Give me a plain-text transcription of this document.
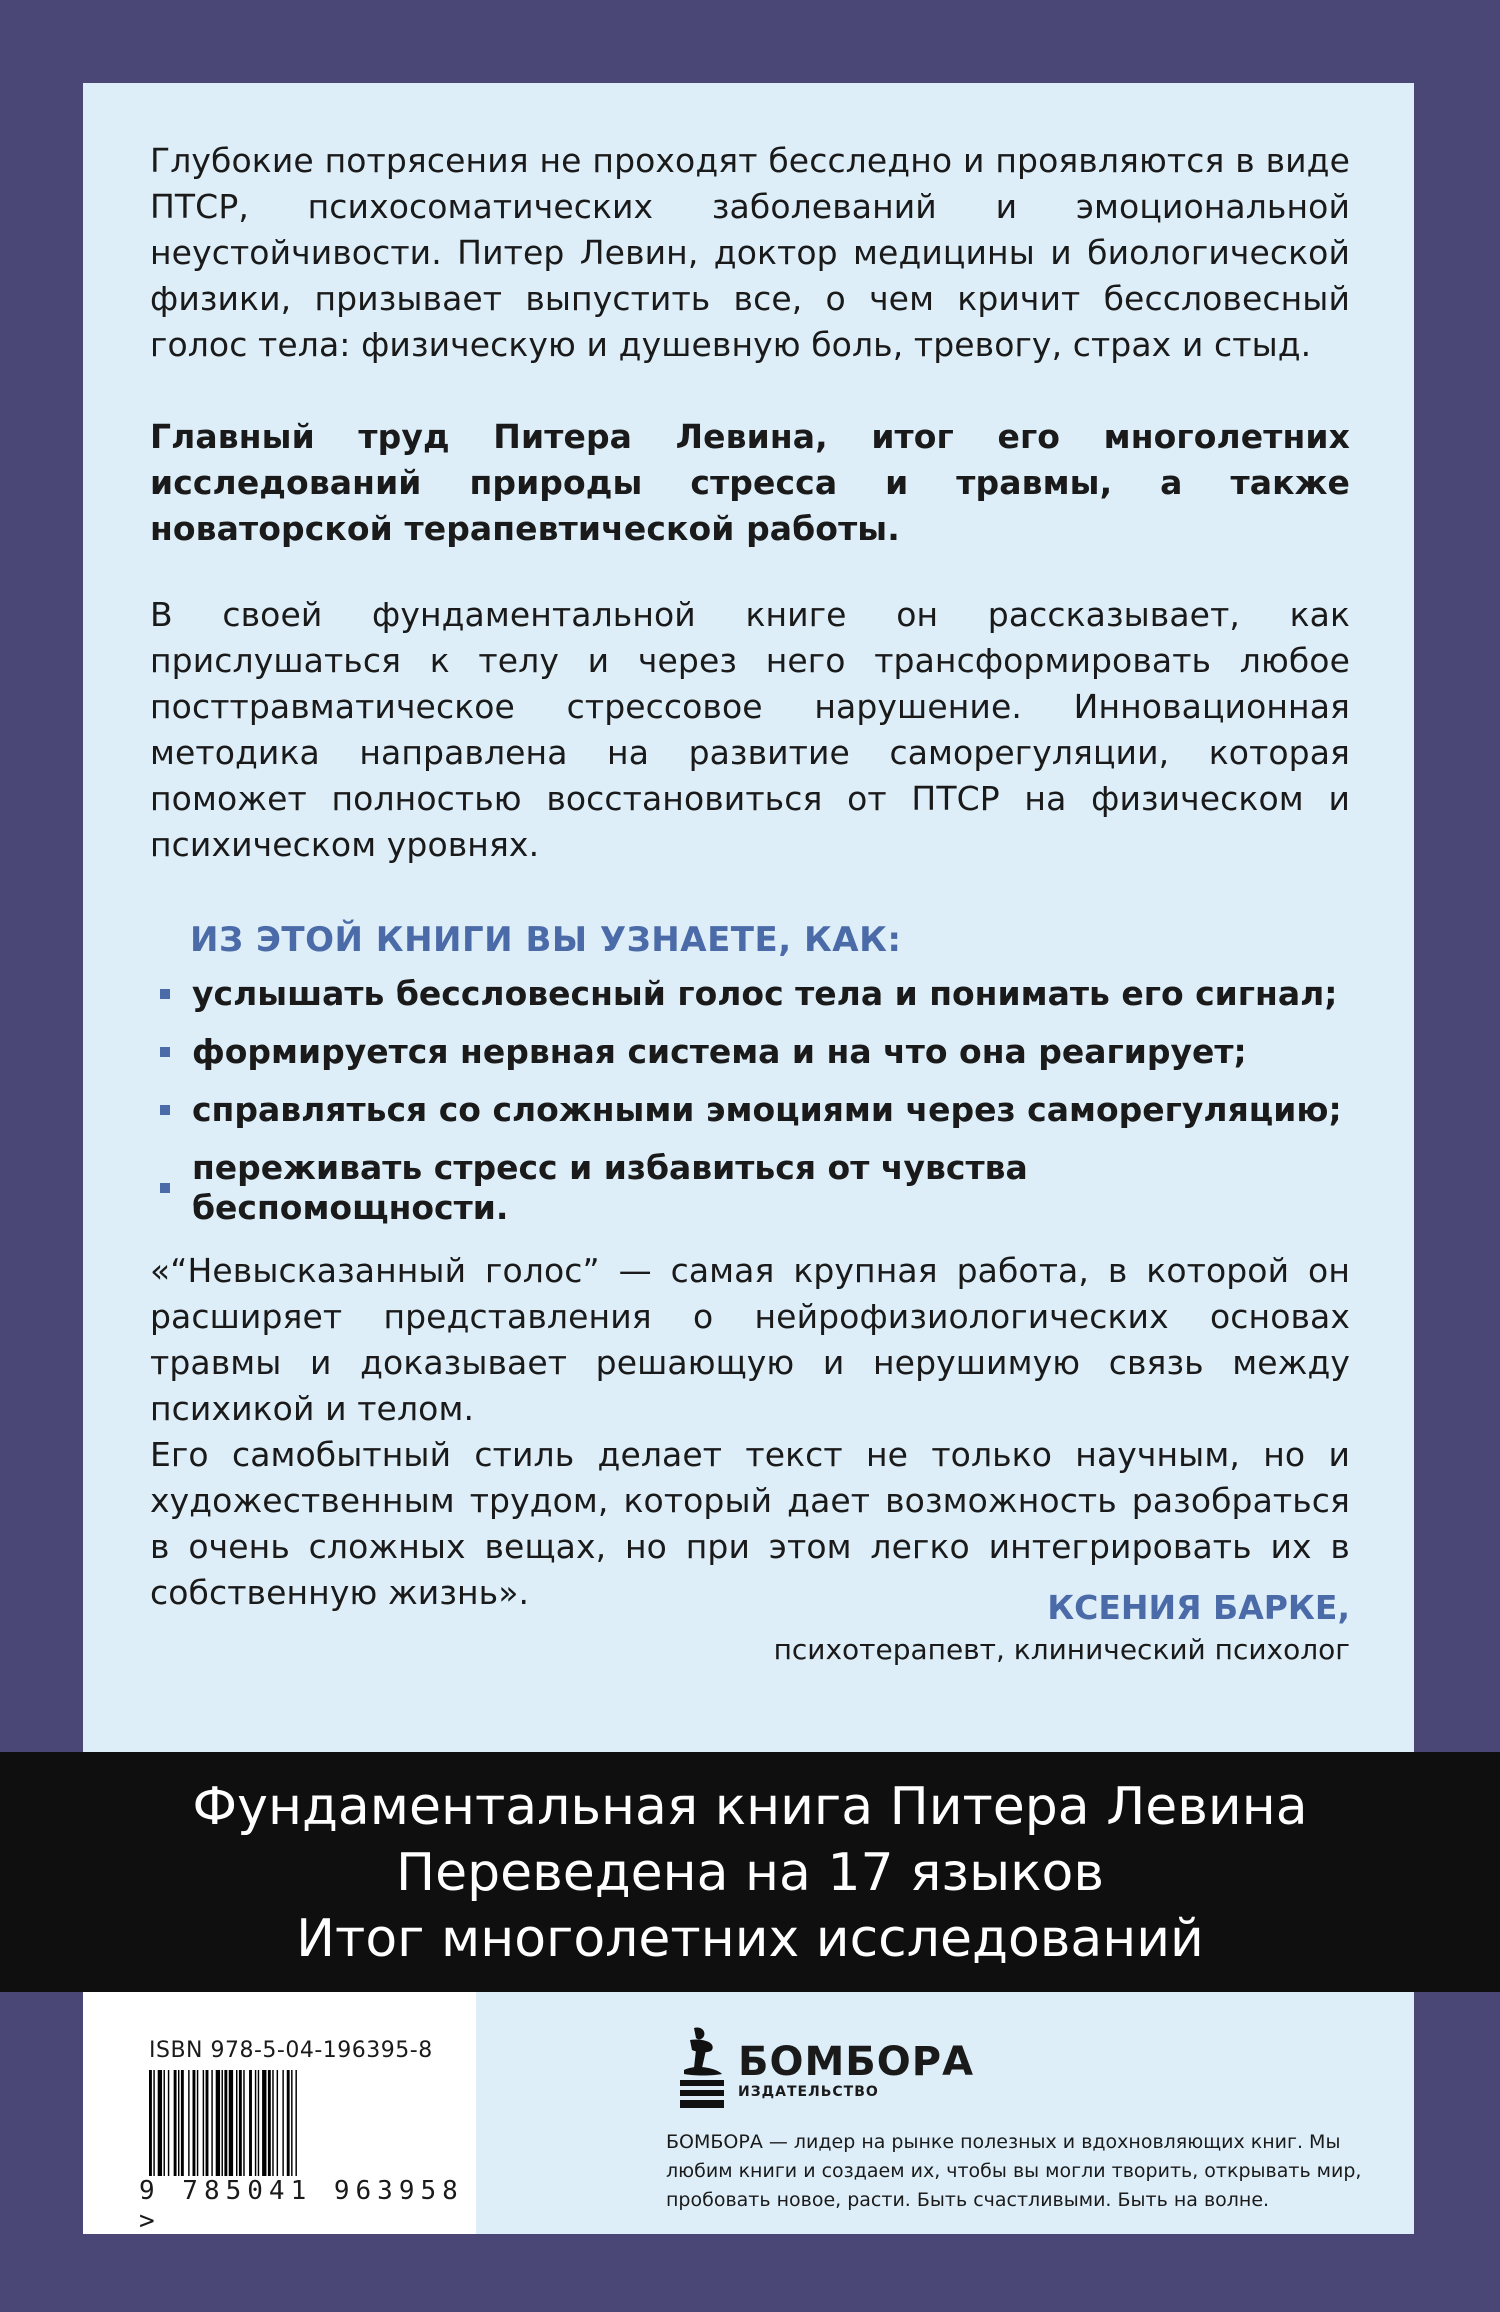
Глубокие потрясения не проходят бесследно и проявляются в виде ПТСР, психосоматических заболеваний и эмоциональной неустойчивости. Питер Левин, доктор медицины и биологической физики, призывает выпустить все, о чем кричит бессловесный голос тела: физическую и душевную боль, тревогу, страх и стыд.

Главный труд Питера Левина, итог его многолетних исследований природы стресса и травмы, а также новаторской терапевтической работы.

В своей фундаментальной книге он рассказывает, как прислушаться к телу и через него трансформировать любое посттравматическое стрессовое нарушение. Инновационная методика направлена на развитие саморегуляции, которая поможет полностью восстановиться от ПТСР на физическом и психическом уровнях.

ИЗ ЭТОЙ КНИГИ ВЫ УЗНАЕТЕ, КАК:
услышать бессловесный голос тела и понимать его сигнал;
формируется нервная система и на что она реагирует;
справляться со сложными эмоциями через саморегуляцию;
переживать стресс и избавиться от чувства беспомощности.

«“Невысказанный голос” — самая крупная работа, в которой он расширяет представления о нейрофизиологических основах травмы и доказывает решающую и нерушимую связь между психикой и телом.

Его самобытный стиль делает текст не только научным, но и художественным трудом, который дает возможность разобраться в очень сложных вещах, но при этом легко интегрировать их в собственную жизнь».	КСЕНИЯ БАРКЕ,
психотерапевт, клинический психолог
Фундаментальная книга Питера Левина
Переведена на 17 языков
Итог многолетних исследований
ISBN 978-5-04-196395-8
9 785041 963958 >
БОМБОРА
ИЗДАТЕЛЬСТВО
БОМБОРА — лидер на рынке полезных и вдохновляющих книг. Мы любим книги и создаем их, чтобы вы могли творить, открывать мир, пробовать новое, расти. Быть счастливыми. Быть на волне.
